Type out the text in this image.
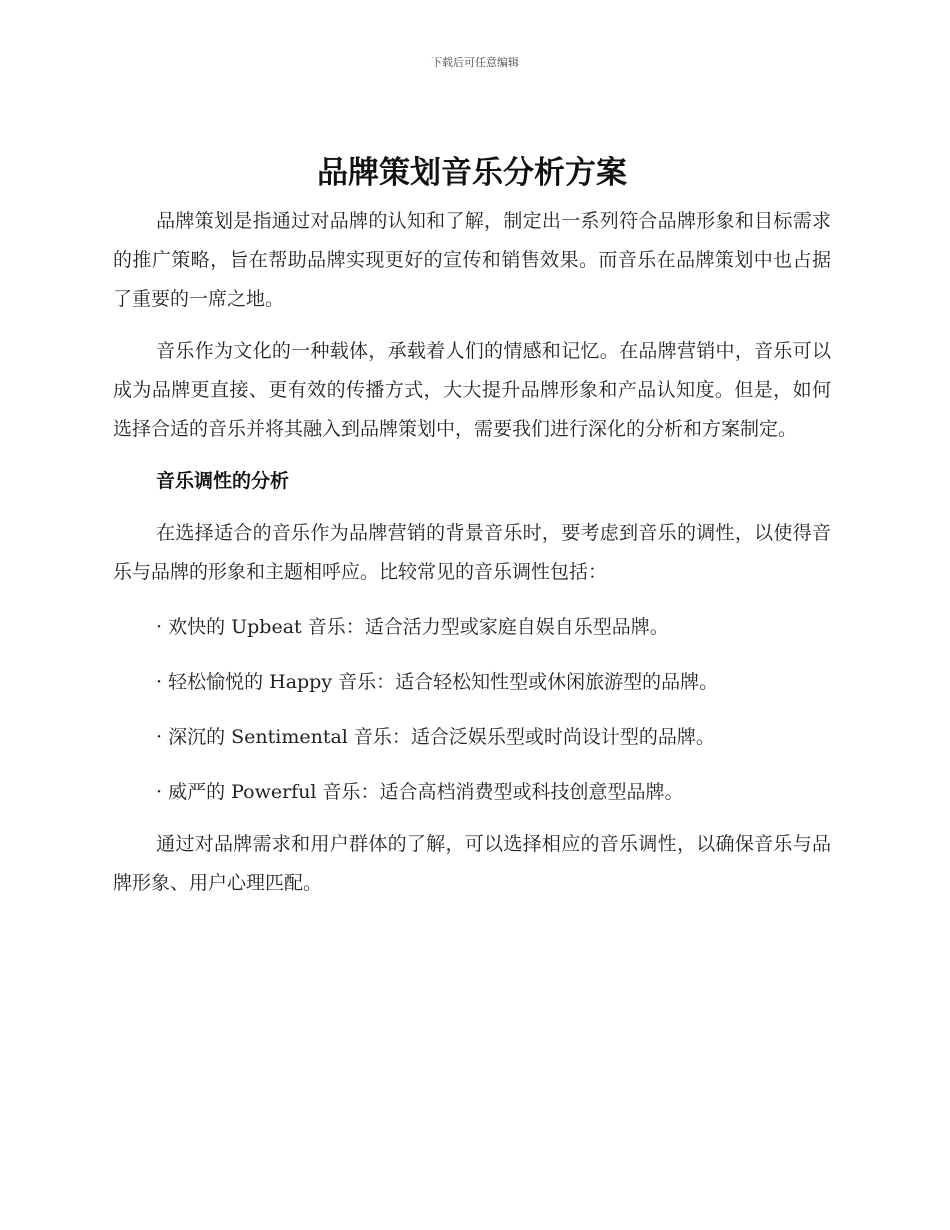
下载后可任意编辑
品牌策划音乐分析方案

品牌策划是指通过对品牌的认知和了解，制定出一系列符合品牌形象和目标需求的推广策略，旨在帮助品牌实现更好的宣传和销售效果。而音乐在品牌策划中也占据了重要的一席之地。

音乐作为文化的一种载体，承载着人们的情感和记忆。在品牌营销中，音乐可以成为品牌更直接、更有效的传播方式，大大提升品牌形象和产品认知度。但是，如何选择合适的音乐并将其融入到品牌策划中，需要我们进行深化的分析和方案制定。

音乐调性的分析

在选择适合的音乐作为品牌营销的背景音乐时，要考虑到音乐的调性，以使得音乐与品牌的形象和主题相呼应。比较常见的音乐调性包括：

· 欢快的 Upbeat 音乐：适合活力型或家庭自娱自乐型品牌。
· 轻松愉悦的 Happy 音乐：适合轻松知性型或休闲旅游型的品牌。
· 深沉的 Sentimental 音乐：适合泛娱乐型或时尚设计型的品牌。
· 威严的 Powerful 音乐：适合高档消费型或科技创意型品牌。

通过对品牌需求和用户群体的了解，可以选择相应的音乐调性，以确保音乐与品牌形象、用户心理匹配。
